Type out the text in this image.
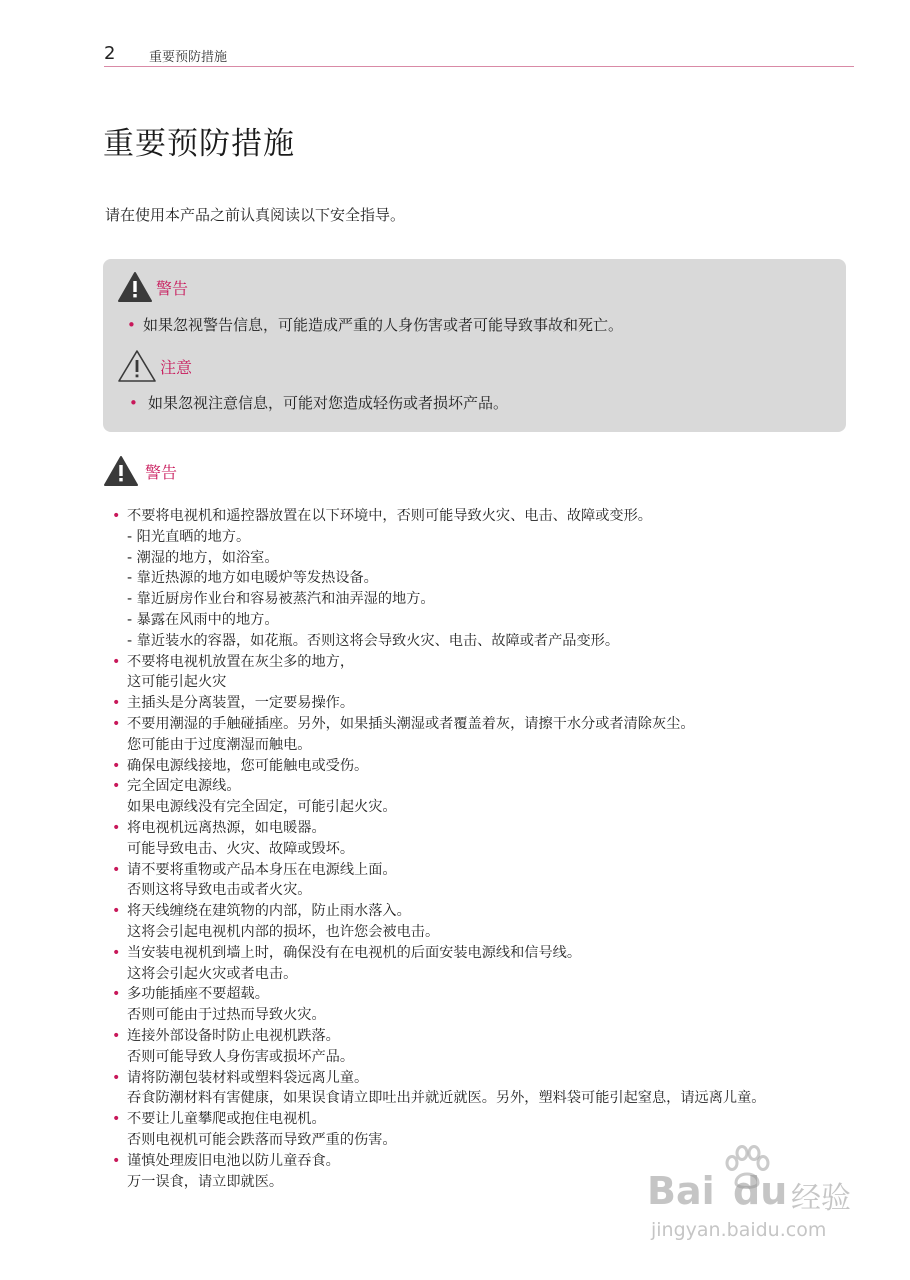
2	重要预防措施
重要预防措施
请在使用本产品之前认真阅读以下安全指导。
警告
• 如果忽视警告信息，可能造成严重的人身伤害或者可能导致事故和死亡。
注意
• 如果忽视注意信息，可能对您造成轻伤或者损坏产品。
警告
• 不要将电视机和遥控器放置在以下环境中，否则可能导致火灾、电击、故障或变形。
- 阳光直晒的地方。
- 潮湿的地方，如浴室。
- 靠近热源的地方如电暖炉等发热设备。
- 靠近厨房作业台和容易被蒸汽和油弄湿的地方。
- 暴露在风雨中的地方。
- 靠近装水的容器，如花瓶。否则这将会导致火灾、电击、故障或者产品变形。
• 不要将电视机放置在灰尘多的地方，
这可能引起火灾
• 主插头是分离装置，一定要易操作。
• 不要用潮湿的手触碰插座。另外，如果插头潮湿或者覆盖着灰，请擦干水分或者清除灰尘。
您可能由于过度潮湿而触电。
• 确保电源线接地，您可能触电或受伤。
• 完全固定电源线。
如果电源线没有完全固定，可能引起火灾。
• 将电视机远离热源，如电暖器。
可能导致电击、火灾、故障或毁坏。
• 请不要将重物或产品本身压在电源线上面。
否则这将导致电击或者火灾。
• 将天线缠绕在建筑物的内部，防止雨水落入。
这将会引起电视机内部的损坏，也许您会被电击。
• 当安装电视机到墙上时，确保没有在电视机的后面安装电源线和信号线。
这将会引起火灾或者电击。
• 多功能插座不要超载。
否则可能由于过热而导致火灾。
• 连接外部设备时防止电视机跌落。
否则可能导致人身伤害或损坏产品。
• 请将防潮包装材料或塑料袋远离儿童。
吞食防潮材料有害健康，如果误食请立即吐出并就近就医。另外，塑料袋可能引起窒息，请远离儿童。
• 不要让儿童攀爬或抱住电视机。
否则电视机可能会跌落而导致严重的伤害。
• 谨慎处理废旧电池以防儿童吞食。
万一误食，请立即就医。	Bai du 经验
jingyan.baidu.com
